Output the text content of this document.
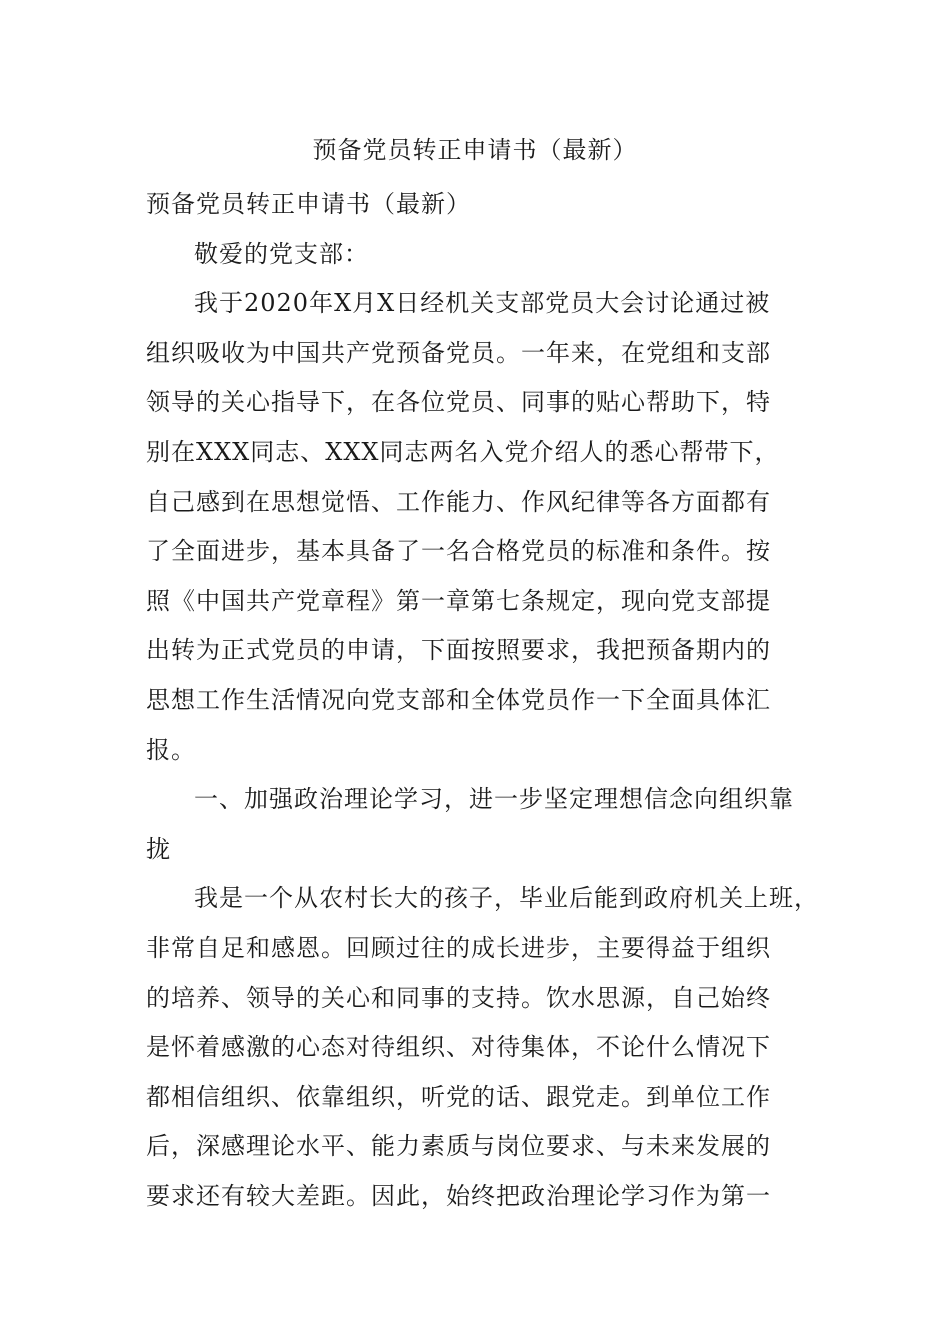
预备党员转正申请书（最新）

预备党员转正申请书（最新）

敬爱的党支部：

我于2020年X月X日经机关支部党员大会讨论通过被
组织吸收为中国共产党预备党员。一年来，在党组和支部
领导的关心指导下，在各位党员、同事的贴心帮助下，特
别在XXX同志、XXX同志两名入党介绍人的悉心帮带下，
自己感到在思想觉悟、工作能力、作风纪律等各方面都有
了全面进步，基本具备了一名合格党员的标准和条件。按
照《中国共产党章程》第一章第七条规定，现向党支部提
出转为正式党员的申请，下面按照要求，我把预备期内的
思想工作生活情况向党支部和全体党员作一下全面具体汇
报。

一、加强政治理论学习，进一步坚定理想信念向组织靠
拢

我是一个从农村长大的孩子，毕业后能到政府机关上班，
非常自足和感恩。回顾过往的成长进步，主要得益于组织
的培养、领导的关心和同事的支持。饮水思源，自己始终
是怀着感激的心态对待组织、对待集体，不论什么情况下
都相信组织、依靠组织，听党的话、跟党走。到单位工作
后，深感理论水平、能力素质与岗位要求、与未来发展的
要求还有较大差距。因此，始终把政治理论学习作为第一
